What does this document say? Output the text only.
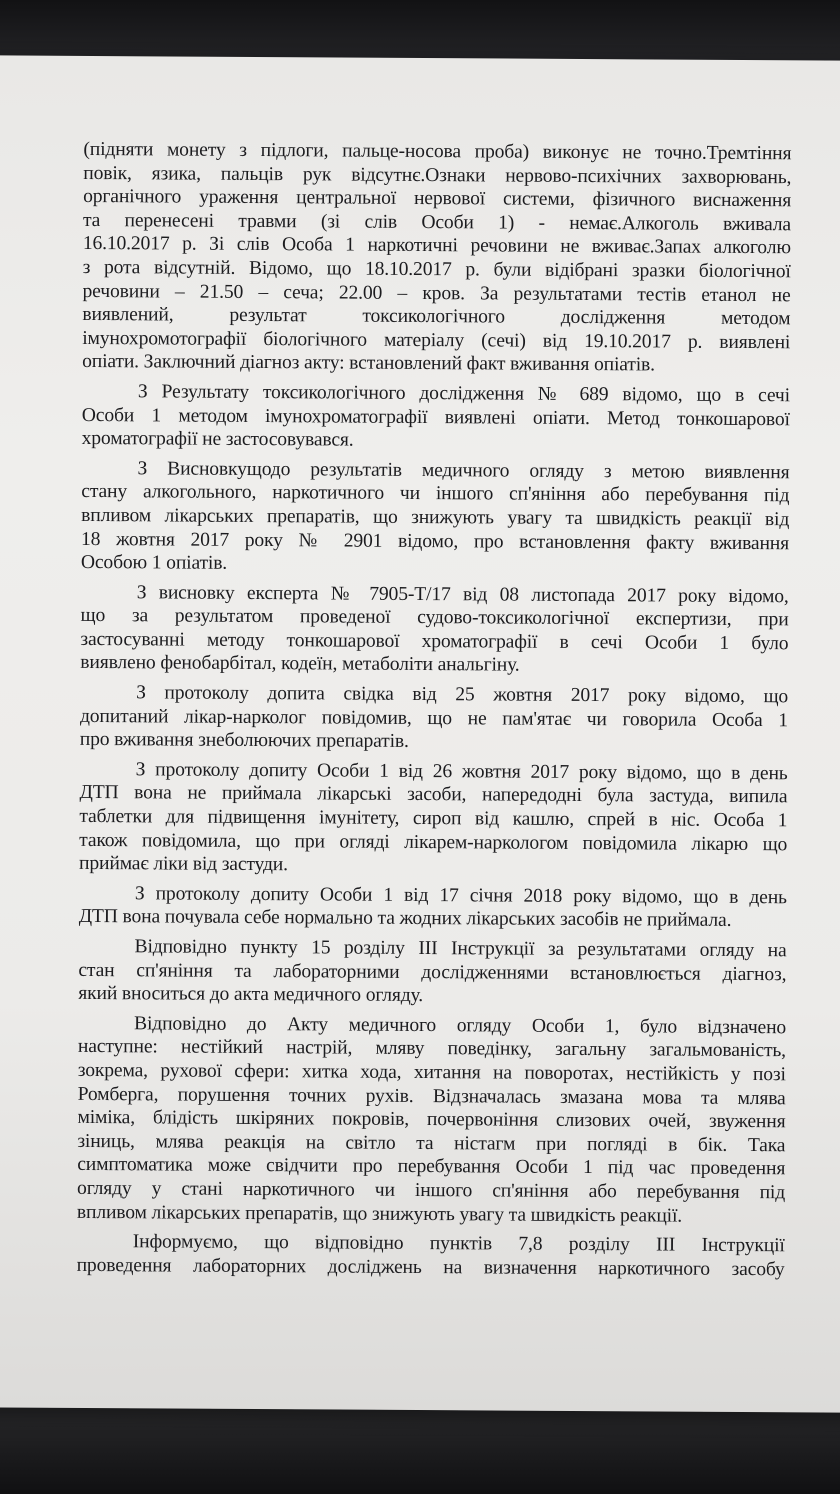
(підняти монету з підлоги, пальце-носова проба) виконує не точно.Тремтіння
повік, язика, пальців рук відсутнє.Ознаки нервово-психічних захворювань,
органічного ураження центральної нервової системи, фізичного виснаження
та перенесені травми (зі слів Особи 1) - немає.Алкоголь вживала
16.10.2017 р. Зі слів Особа 1 наркотичні речовини не вживає.Запах алкоголю
з рота відсутній. Відомо, що 18.10.2017 р. були відібрані зразки біологічної
речовини – 21.50 – сеча; 22.00 – кров. За результатами тестів етанол не
виявлений, результат токсикологічного дослідження методом
імунохромотографії біологічного матеріалу (сечі) від 19.10.2017 р. виявлені
опіати. Заключний діагноз акту: встановлений факт вживання опіатів.
З Результату токсикологічного дослідження № 689 відомо, що в сечі
Особи 1 методом імунохроматографії виявлені опіати. Метод тонкошарової
хроматографії не застосовувався.
З Висновкущодо результатів медичного огляду з метою виявлення
стану алкогольного, наркотичного чи іншого сп'яніння або перебування під
впливом лікарських препаратів, що знижують увагу та швидкість реакції від
18 жовтня 2017 року № 2901 відомо, про встановлення факту вживання
Особою 1 опіатів.
З висновку експерта № 7905-Т/17 від 08 листопада 2017 року відомо,
що за результатом проведеної судово-токсикологічної експертизи, при
застосуванні методу тонкошарової хроматографії в сечі Особи 1 було
виявлено фенобарбітал, кодеїн, метаболіти анальгіну.
З протоколу допита свідка від 25 жовтня 2017 року відомо, що
допитаний лікар-нарколог повідомив, що не пам'ятає чи говорила Особа 1
про вживання знеболюючих препаратів.
З протоколу допиту Особи 1 від 26 жовтня 2017 року відомо, що в день
ДТП вона не приймала лікарські засоби, напередодні була застуда, випила
таблетки для підвищення імунітету, сироп від кашлю, спрей в ніс. Особа 1
також повідомила, що при огляді лікарем-наркологом повідомила лікарю що
приймає ліки від застуди.
З протоколу допиту Особи 1 від 17 січня 2018 року відомо, що в день
ДТП вона почувала себе нормально та жодних лікарських засобів не приймала.
Відповідно пункту 15 розділу ІІІ Інструкції за результатами огляду на
стан сп'яніння та лабораторними дослідженнями встановлюється діагноз,
який вноситься до акта медичного огляду.
Відповідно до Акту медичного огляду Особи 1, було відзначено
наступне: нестійкий настрій, мляву поведінку, загальну загальмованість,
зокрема, рухової сфери: хитка хода, хитання на поворотах, нестійкість у позі
Ромберга, порушення точних рухів. Відзначалась змазана мова та млява
міміка, блідість шкіряних покровів, почервоніння слизових очей, звуження
зіниць, млява реакція на світло та ністагм при погляді в бік. Така
симптоматика може свідчити про перебування Особи 1 під час проведення
огляду у стані наркотичного чи іншого сп'яніння або перебування під
впливом лікарських препаратів, що знижують увагу та швидкість реакції.
Інформуємо, що відповідно пунктів 7,8 розділу ІІІ Інструкції
проведення лабораторних досліджень на визначення наркотичного засобу
